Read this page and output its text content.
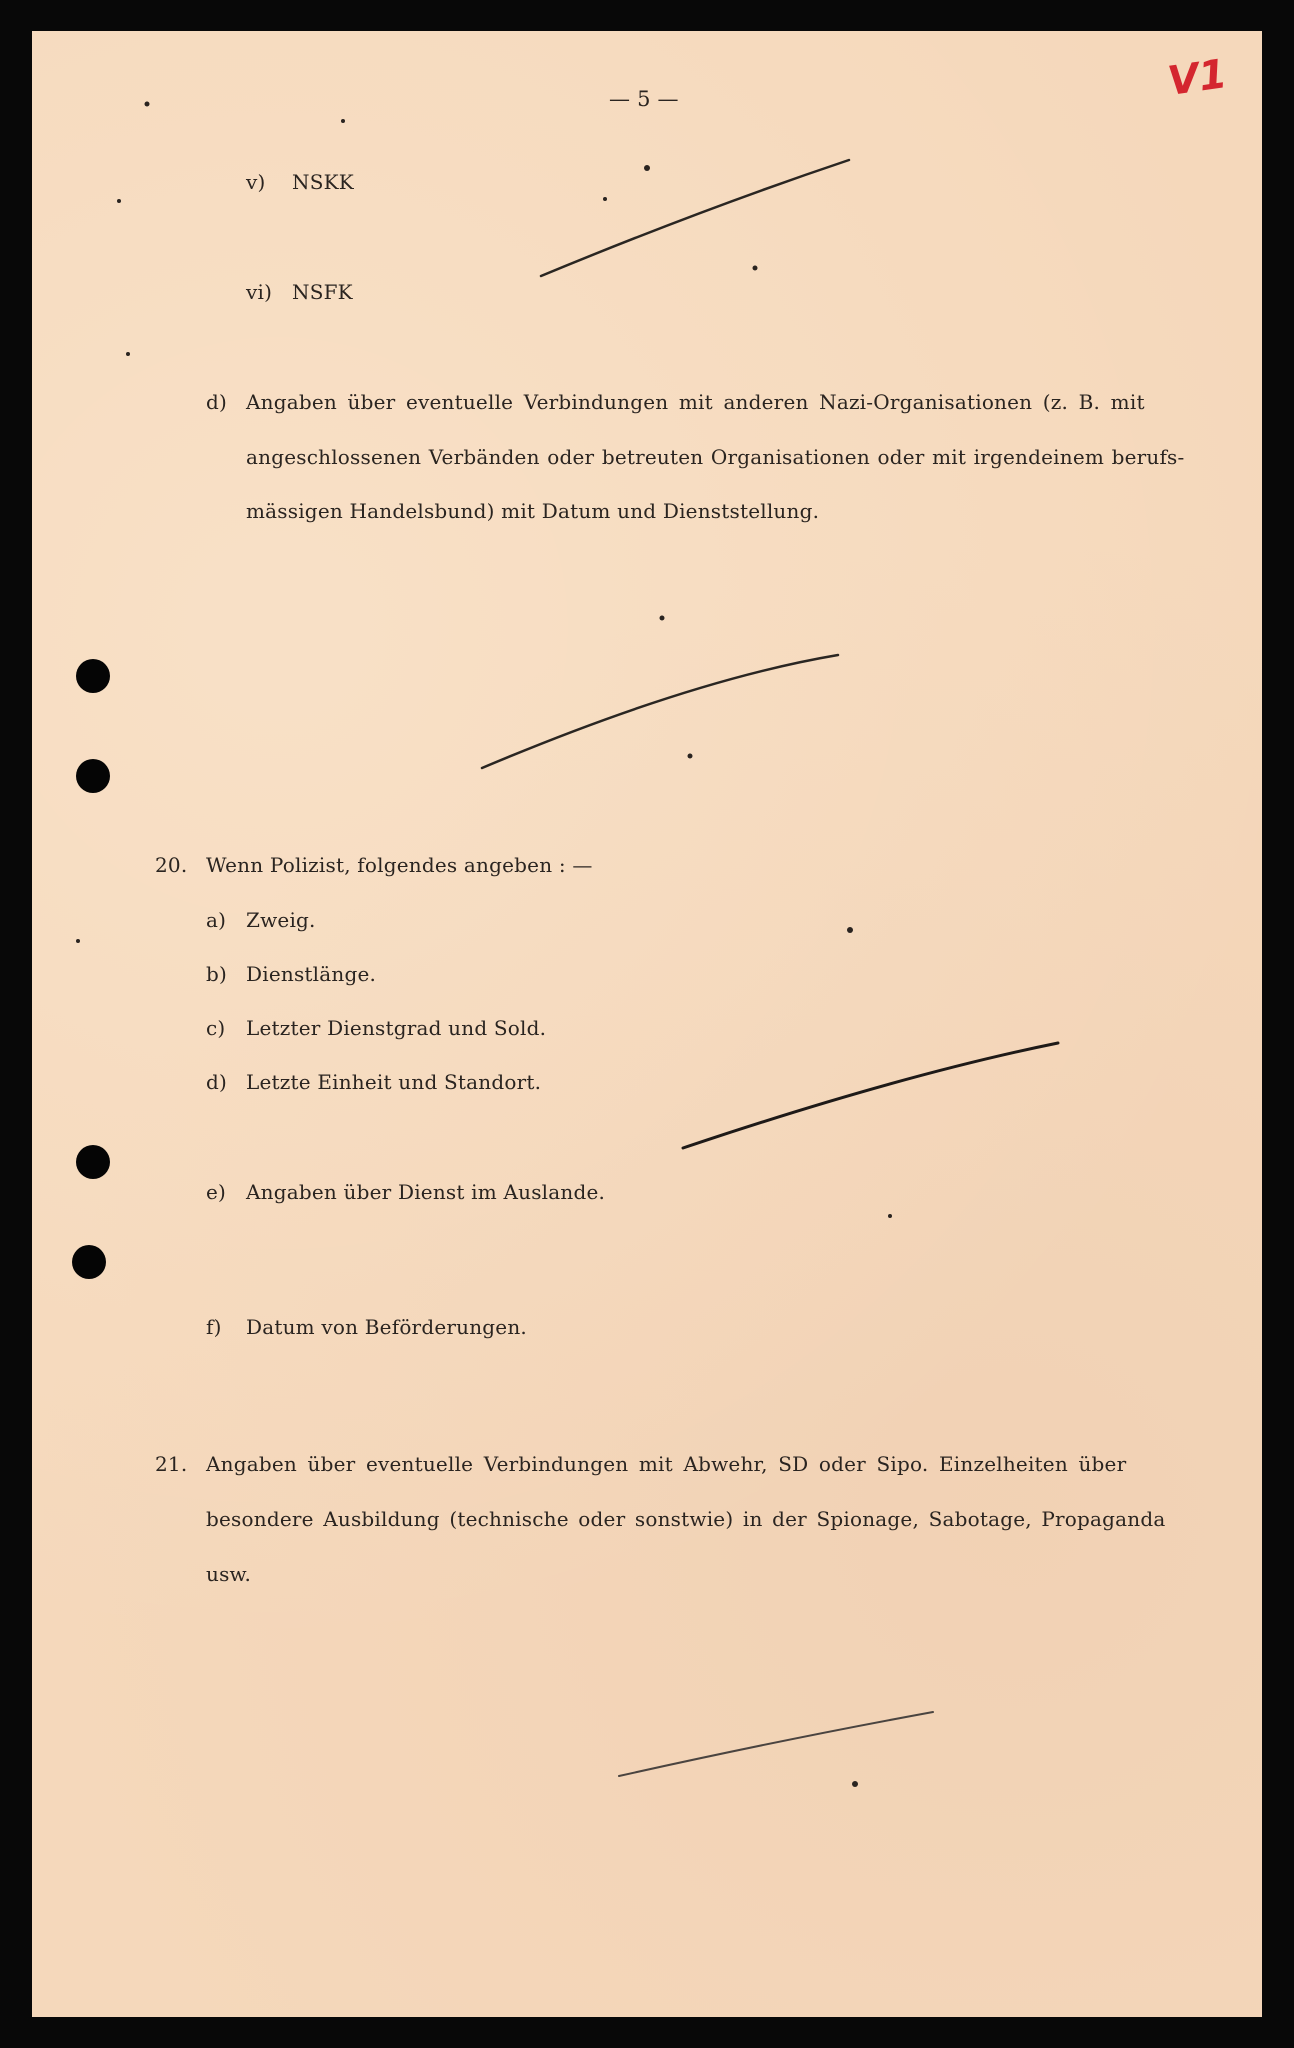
V1
— 5 —
v) NSKK
vi) NSFK
d) Angaben über eventuelle Verbindungen mit anderen Nazi-Organisationen (z. B. mit
angeschlossenen Verbänden oder betreuten Organisationen oder mit irgendeinem berufs-
mässigen Handelsbund) mit Datum und Dienststellung.
20. Wenn Polizist, folgendes angeben : —
a) Zweig.
b) Dienstlänge.
c) Letzter Dienstgrad und Sold.
d) Letzte Einheit und Standort.
e) Angaben über Dienst im Auslande.
f) Datum von Beförderungen.
21. Angaben über eventuelle Verbindungen mit Abwehr, SD oder Sipo. Einzelheiten über
besondere Ausbildung (technische oder sonstwie) in der Spionage, Sabotage, Propaganda
usw.
